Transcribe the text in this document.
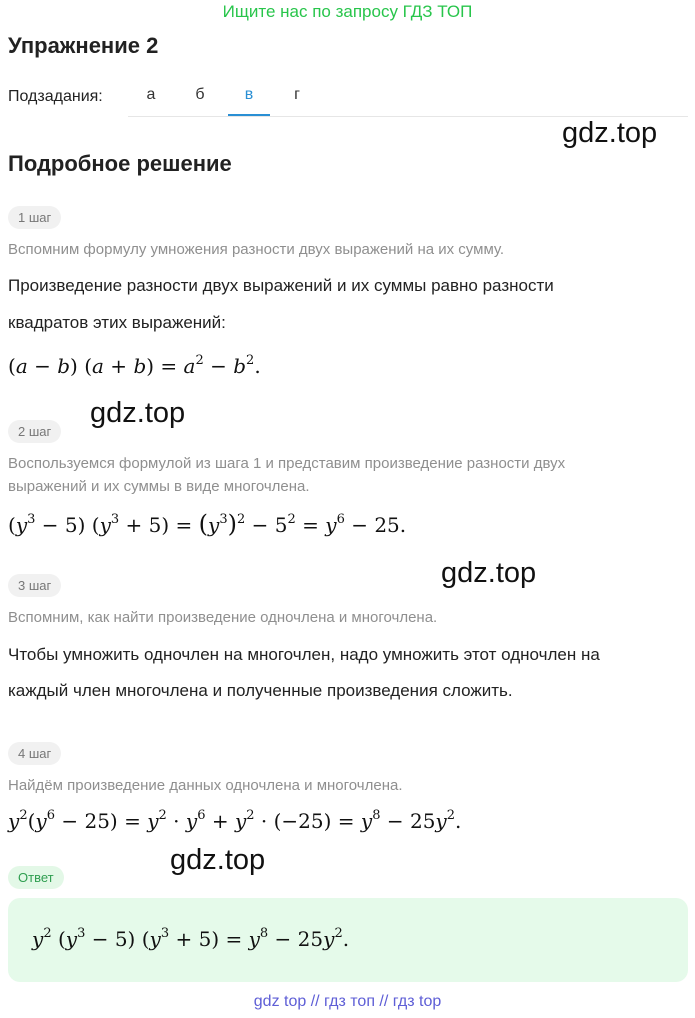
Ищите нас по запросу ГДЗ ТОП
Упражнение 2
Подзадания:	а	б	в	г
gdz.top
Подробное решение
1 шаг
Вспомним формулу умножения разности двух выражений на их сумму.
Произведение разности двух выражений и их суммы равно разности
квадратов этих выражений:
(a − b) $(a + b) = a^2 - b^2$.
gdz.top
2 шаг
Воспользуемся формулой из шага 1 и представим произведение разности двух
выражений и их суммы в виде многочлена.
$(y^3 - 5) (y^3 + 5) = (y^3)^2 - 5^2 = y^6 - 25$.
gdz.top
3 шаг
Вспомним, как найти произведение одночлена и многочлена.
Чтобы умножить одночлен на многочлен, надо умножить этот одночлен на
каждый член многочлена и полученные произведения сложить.
4 шаг
Найдём произведение данных одночлена и многочлена.
$y^2(y^6 - 25) = y^2 \cdot y^6 + y^2 \cdot (-25) = y^8 - 25y^2$.
gdz.top
Ответ
$y^2$ $(y^3 - 5) (y^3 + 5) = y^8 - 25y^2$.
gdz top // гдз топ // гдз top
